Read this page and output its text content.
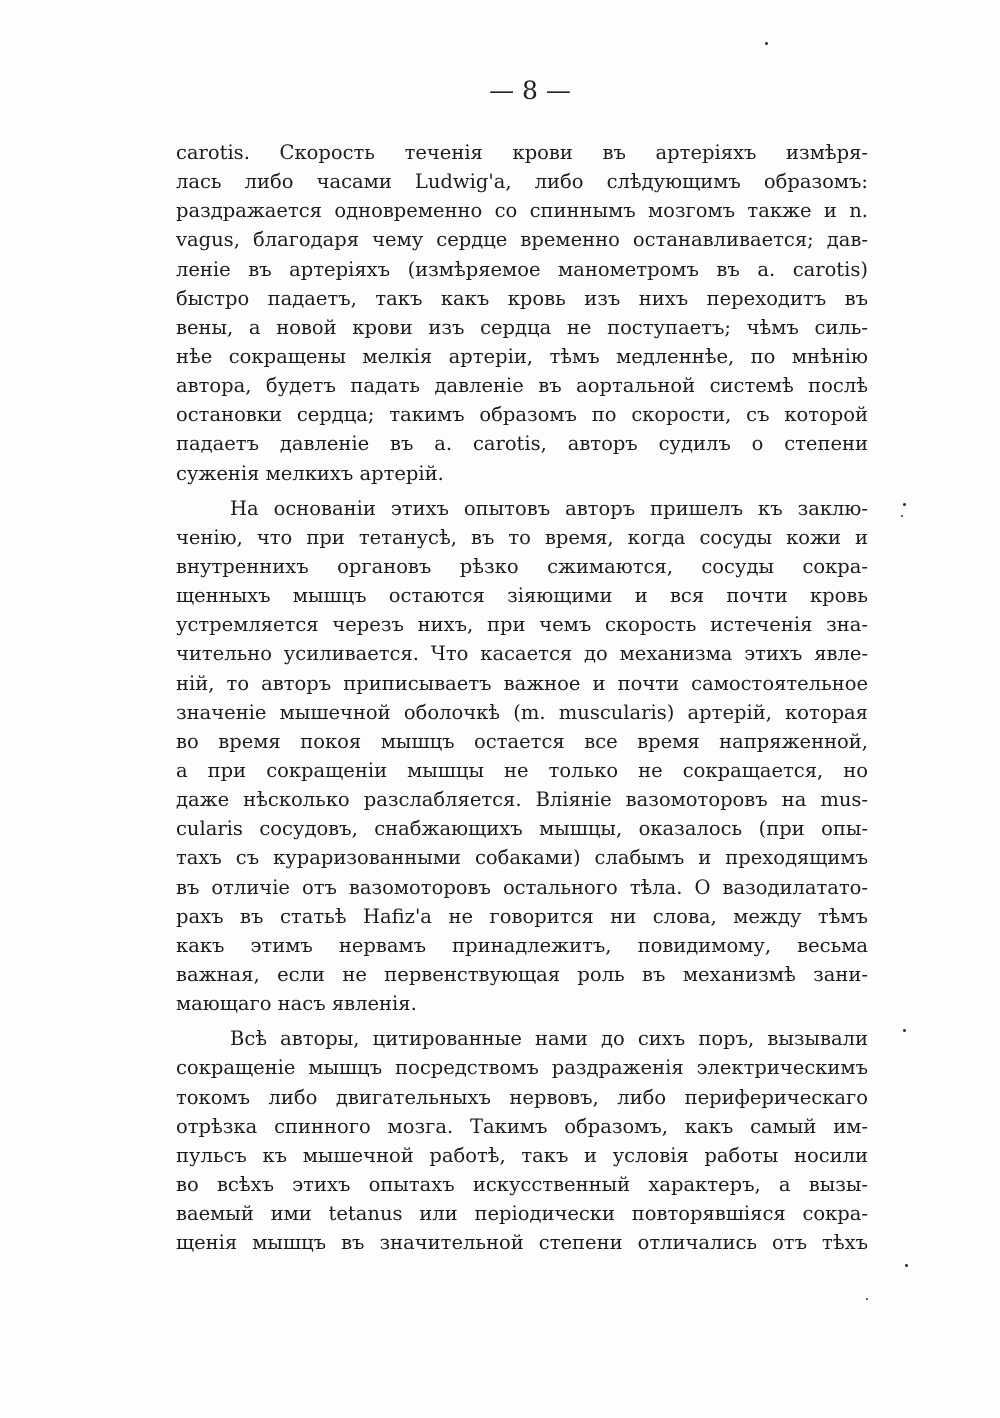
— 8 —
carotis. Скорость теченія крови въ артеріяхъ измѣря-
лась либо часами Ludwig'а, либо слѣдующимъ образомъ:
раздражается одновременно со спиннымъ мозгомъ также и n.
vagus, благодаря чему сердце временно останавливается; дав-
леніе въ артеріяхъ (измѣряемое манометромъ въ a. carotis)
быстро падаетъ, такъ какъ кровь изъ нихъ переходитъ въ
вены, а новой крови изъ сердца не поступаетъ; чѣмъ силь-
нѣе сокращены мелкія артеріи, тѣмъ медленнѣе, по мнѣнію
автора, будетъ падать давленіе въ аортальной системѣ послѣ
остановки сердца; такимъ образомъ по скорости, съ которой
падаетъ давленіе въ a. carotis, авторъ судилъ о степени
суженія мелкихъ артерій.
На основаніи этихъ опытовъ авторъ пришелъ къ заклю-
ченію, что при тетанусѣ, въ то время, когда сосуды кожи и
внутреннихъ органовъ рѣзко сжимаются, сосуды сокра-
щенныхъ мышцъ остаются зіяющими и вся почти кровь
устремляется черезъ нихъ, при чемъ скорость истеченія зна-
чительно усиливается. Что касается до механизма этихъ явле-
ній, то авторъ приписываетъ важное и почти самостоятельное
значеніе мышечной оболочкѣ (m. muscularis) артерій, которая
во время покоя мышцъ остается все время напряженной,
а при сокращеніи мышцы не только не сокращается, но
даже нѣсколько разслабляется. Вліяніе вазомоторовъ на mus-
cularis сосудовъ, снабжающихъ мышцы, оказалось (при опы-
тахъ съ кураризованными собаками) слабымъ и преходящимъ
въ отличіе отъ вазомоторовъ остального тѣла. О вазодилатато-
рахъ въ статьѣ Hafiz'а не говорится ни слова, между тѣмъ
какъ этимъ нервамъ принадлежитъ, повидимому, весьма
важная, если не первенствующая роль въ механизмѣ зани-
мающаго насъ явленія.
Всѣ авторы, цитированные нами до сихъ поръ, вызывали
сокращеніе мышцъ посредствомъ раздраженія электрическимъ
токомъ либо двигательныхъ нервовъ, либо периферическаго
отрѣзка спинного мозга. Такимъ образомъ, какъ самый им-
пульсъ къ мышечной работѣ, такъ и условія работы носили
во всѣхъ этихъ опытахъ искусственный характеръ, а вызы-
ваемый ими tetanus или періодически повторявшіяся сокра-
щенія мышцъ въ значительной степени отличались отъ тѣхъ
